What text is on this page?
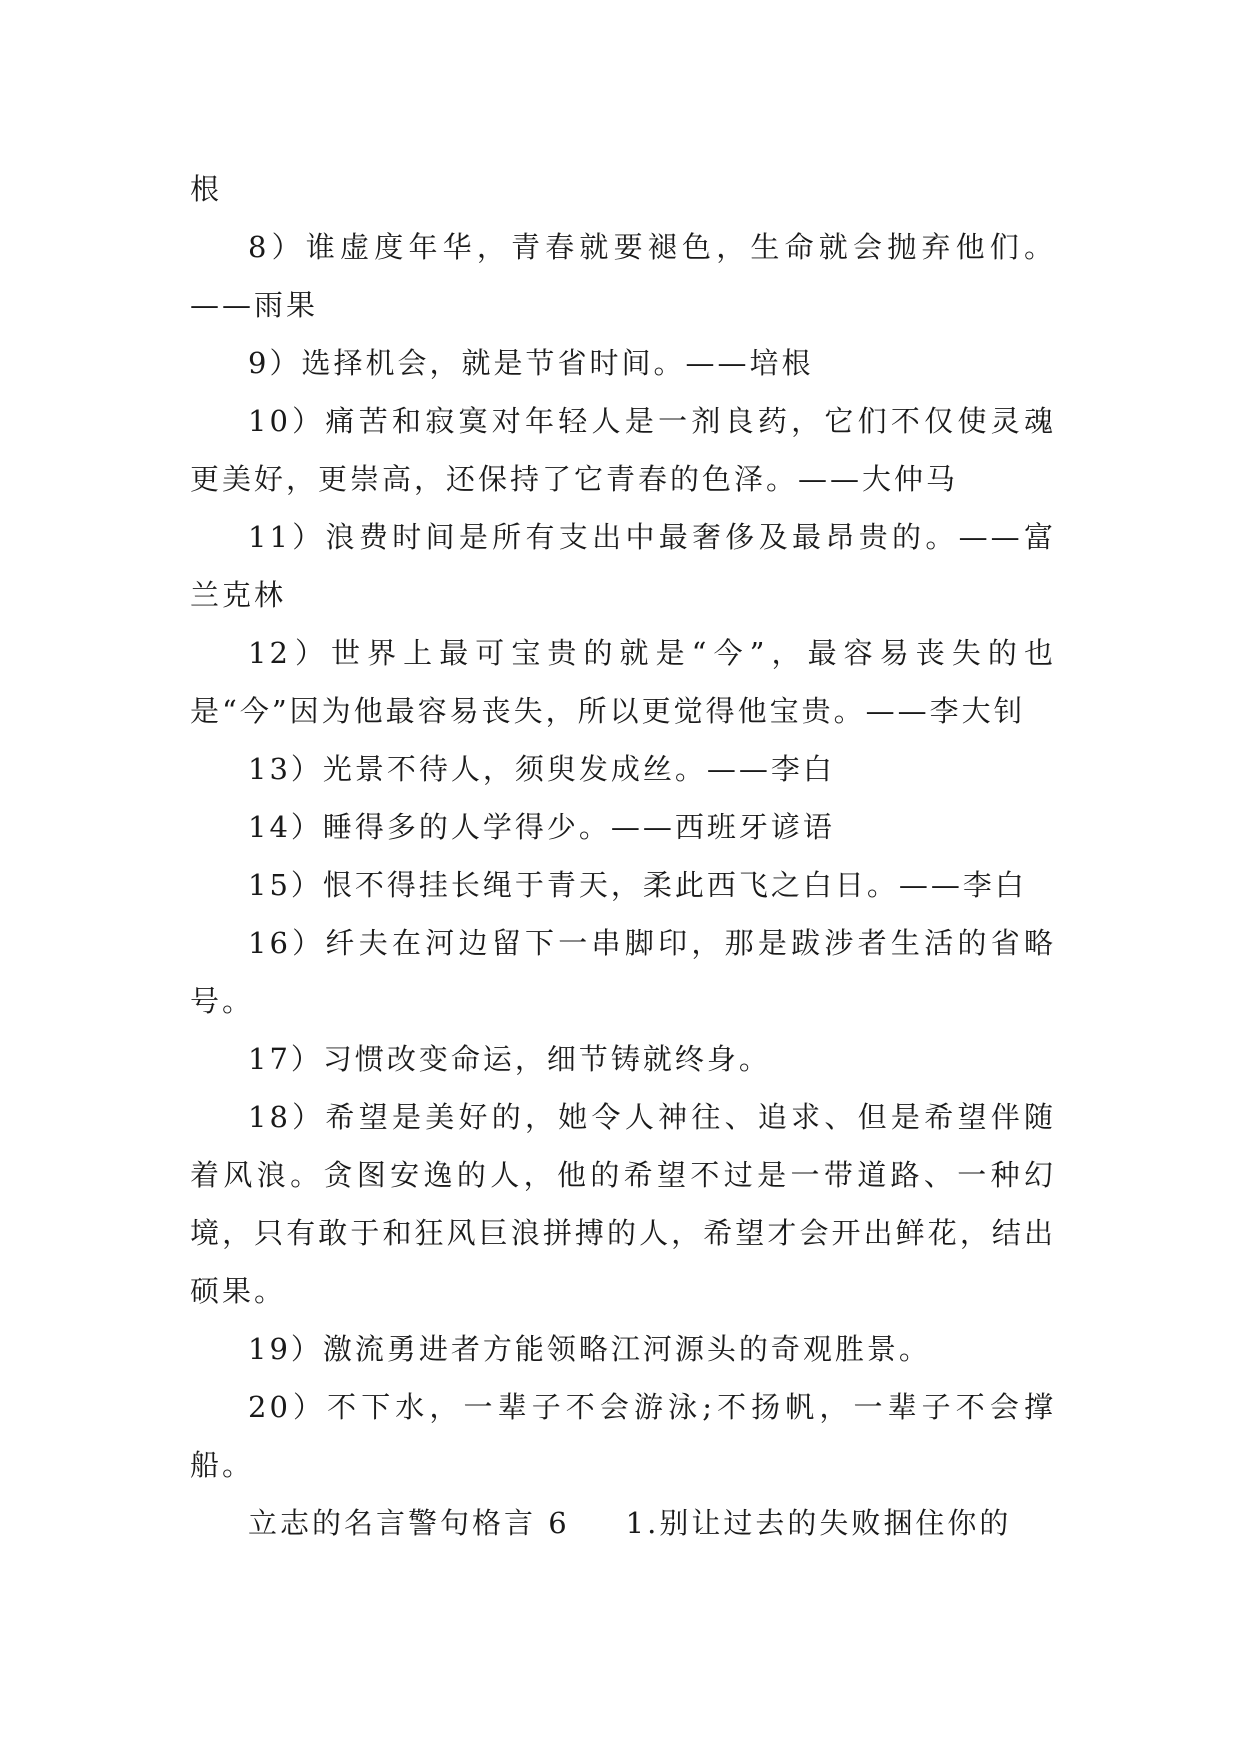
根

8）谁虚度年华，青春就要褪色，生命就会抛弃他们。——雨果

9）选择机会，就是节省时间。——培根

10）痛苦和寂寞对年轻人是一剂良药，它们不仅使灵魂更美好，更崇高，还保持了它青春的色泽。——大仲马

11）浪费时间是所有支出中最奢侈及最昂贵的。——富兰克林

12）世界上最可宝贵的就是“今”，最容易丧失的也是“今”因为他最容易丧失，所以更觉得他宝贵。——李大钊

13）光景不待人，须臾发成丝。——李白

14）睡得多的人学得少。——西班牙谚语

15）恨不得挂长绳于青天，柔此西飞之白日。——李白

16）纤夫在河边留下一串脚印，那是跋涉者生活的省略号。

17）习惯改变命运，细节铸就终身。

18）希望是美好的，她令人神往、追求、但是希望伴随着风浪。贪图安逸的人，他的希望不过是一带道路、一种幻境，只有敢于和狂风巨浪拼搏的人，希望才会开出鲜花，结出硕果。

19）激流勇进者方能领略江河源头的奇观胜景。

20）不下水，一辈子不会游泳;不扬帆，一辈子不会撑船。

立志的名言警句格言 6 1.别让过去的失败捆住你的
